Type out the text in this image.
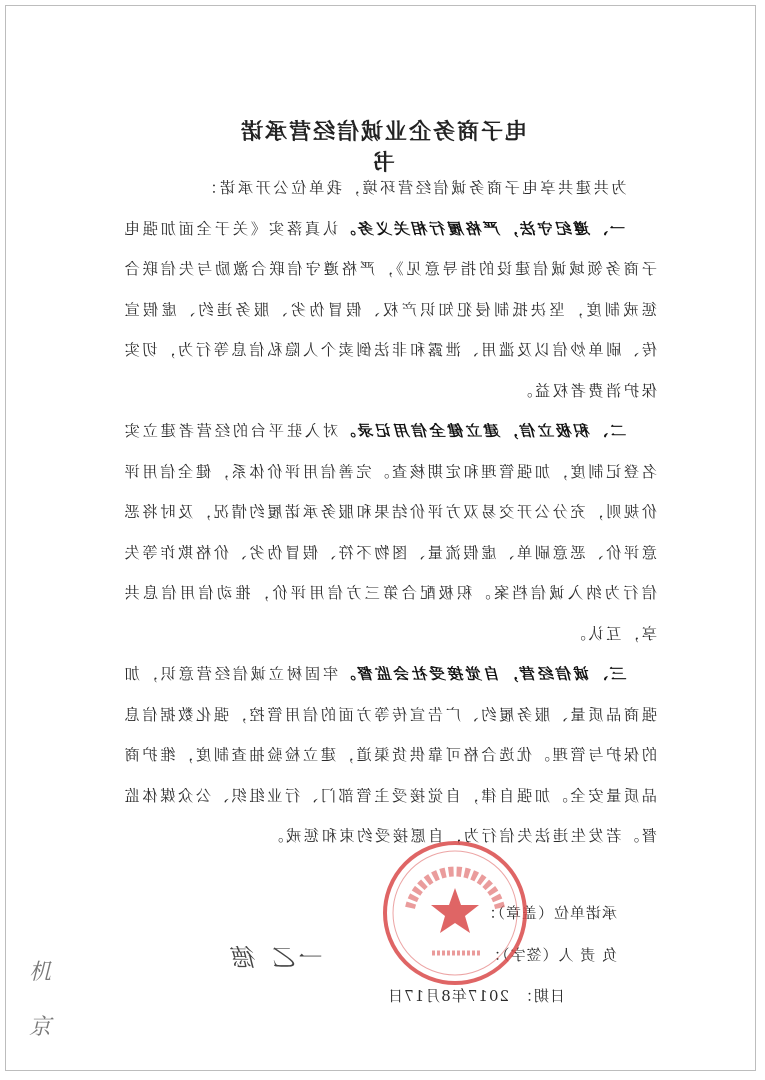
电子商务企业诚信经营承诺书

为共建共享电子商务诚信经营环境，我单位公开承诺：

一、遵纪守法，严格履行相关义务。认真落实《关于全面加强电子商务领域诚信建设的指导意见》，严格遵守信联合激励与失信联合惩戒制度，坚决抵制侵犯知识产权、假冒伪劣、服务违约、虚假宣传、刷单炒信以及滥用、泄露和非法倒卖个人隐私信息等行为，切实保护消费者权益。

二、积极立信，建立健全信用记录。对入驻平台的经营者建立实名登记制度，加强管理和定期核查。完善信用评价体系，健全信用评价规则，充分公开交易双方评价结果和服务承诺履约情况，及时将恶意评价、恶意刷单、虚假流量、图物不符、假冒伪劣、价格欺诈等失信行为纳入诚信档案。积极配合第三方信用评价，推动信用信息共享，互认。

三、诚信经营，自觉接受社会监督。牢固树立诚信经营意识，加强商品质量、服务履约、广告宣传等方面的信用管控，强化数据信息的保护与管理。优选合格可靠供货渠道，建立检验抽查制度，维护商品质量安全。加强自律，自觉接受主管部门、行业组织、公众媒体监督。若发生违法失信行为，自愿接受约束和惩戒。

承诺单位（盖章）：
负 责 人（签字）：
一乙 德
日期：2017年8月17日
机
京
